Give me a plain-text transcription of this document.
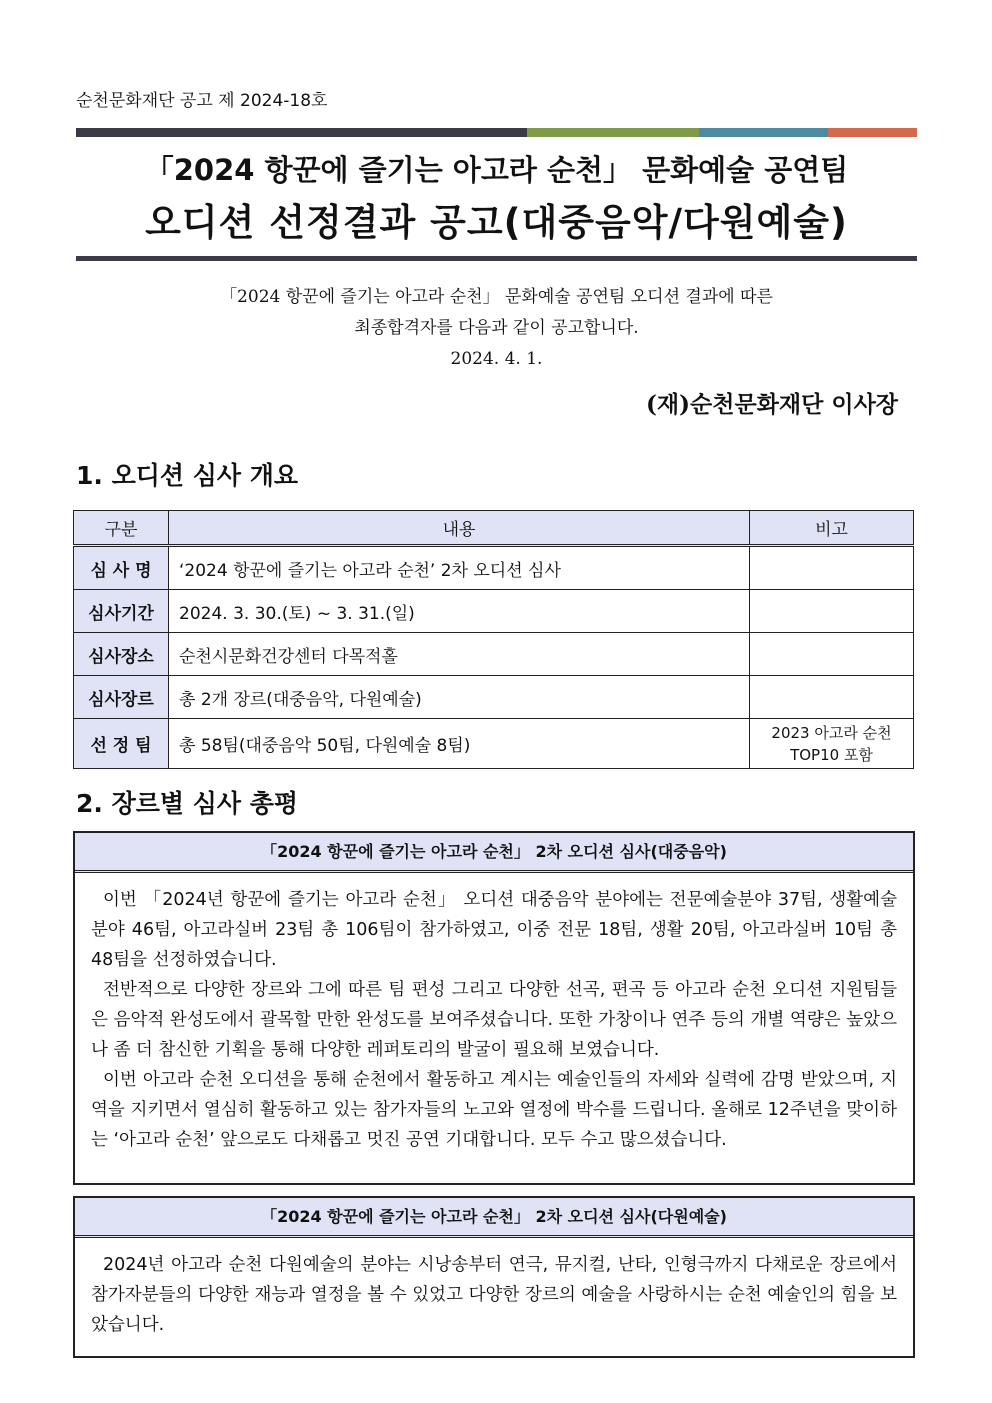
순천문화재단 공고 제 2024-18호
「2024 항꾼에 즐기는 아고라 순천」 문화예술 공연팀
오디션 선정결과 공고(대중음악/다원예술)
「2024 항꾼에 즐기는 아고라 순천」 문화예술 공연팀 오디션 결과에 따른
최종합격자를 다음과 같이 공고합니다.
2024. 4. 1.
(재)순천문화재단 이사장
1. 오디션 심사 개요
구분	내용	비고
심 사 명	‘2024 항꾼에 즐기는 아고라 순천’ 2차 오디션 심사	
심사기간	2024. 3. 30.(토) ~ 3. 31.(일)	
심사장소	순천시문화건강센터 다목적홀	
심사장르	총 2개 장르(대중음악, 다원예술)	
선 정 팀	총 58팀(대중음악 50팀, 다원예술 8팀)	2023 아고라 순천
TOP10 포함
2. 장르별 심사 총평
「2024 항꾼에 즐기는 아고라 순천」 2차 오디션 심사(대중음악)

이번 「2024년 항꾼에 즐기는 아고라 순천」 오디션 대중음악 분야에는 전문예술분야 37팀, 생활예술분야 46팀, 아고라실버 23팀 총 106팀이 참가하였고, 이중 전문 18팀, 생활 20팀, 아고라실버 10팀 총 48팀을 선정하였습니다.

전반적으로 다양한 장르와 그에 따른 팀 편성 그리고 다양한 선곡, 편곡 등 아고라 순천 오디션 지원팀들은 음악적 완성도에서 괄목할 만한 완성도를 보여주셨습니다. 또한 가창이나 연주 등의 개별 역량은 높았으나 좀 더 참신한 기획을 통해 다양한 레퍼토리의 발굴이 필요해 보였습니다.

이번 아고라 순천 오디션을 통해 순천에서 활동하고 계시는 예술인들의 자세와 실력에 감명 받았으며, 지역을 지키면서 열심히 활동하고 있는 참가자들의 노고와 열정에 박수를 드립니다. 올해로 12주년을 맞이하는 ‘아고라 순천’ 앞으로도 다채롭고 멋진 공연 기대합니다. 모두 수고 많으셨습니다.

「2024 항꾼에 즐기는 아고라 순천」 2차 오디션 심사(다원예술)

2024년 아고라 순천 다원예술의 분야는 시낭송부터 연극, 뮤지컬, 난타, 인형극까지 다채로운 장르에서 참가자분들의 다양한 재능과 열정을 볼 수 있었고 다양한 장르의 예술을 사랑하시는 순천 예술인의 힘을 보았습니다.
